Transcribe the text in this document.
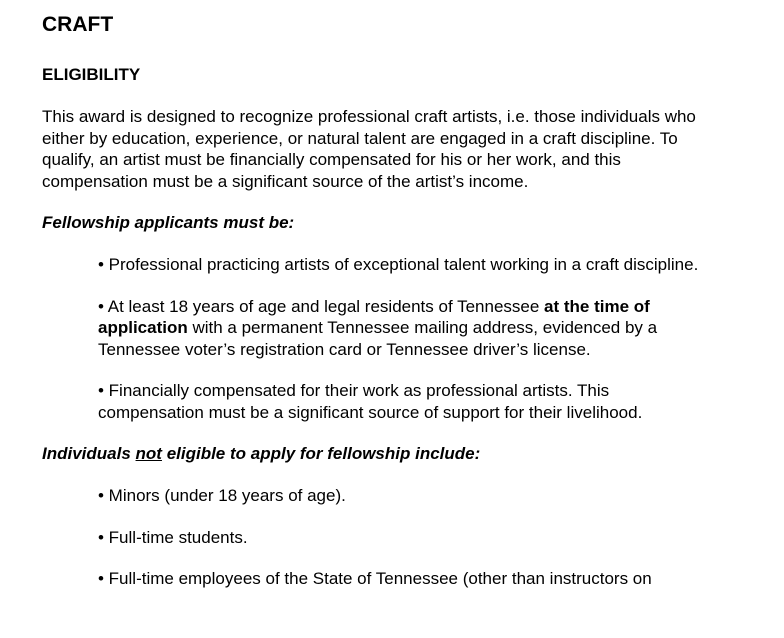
CRAFT
ELIGIBILITY

This award is designed to recognize professional craft artists, i.e. those individuals who either by education, experience, or natural talent are engaged in a craft discipline. To qualify, an artist must be financially compensated for his or her work, and this compensation must be a significant source of the artist’s income.

Fellowship applicants must be:

• Professional practicing artists of exceptional talent working in a craft discipline.
• At least 18 years of age and legal residents of Tennessee at the time of application with a permanent Tennessee mailing address, evidenced by a Tennessee voter’s registration card or Tennessee driver’s license.
• Financially compensated for their work as professional artists. This compensation must be a significant source of support for their livelihood.

Individuals not eligible to apply for fellowship include:

• Minors (under 18 years of age).
• Full-time students.
• Full-time employees of the State of Tennessee (other than instructors on
